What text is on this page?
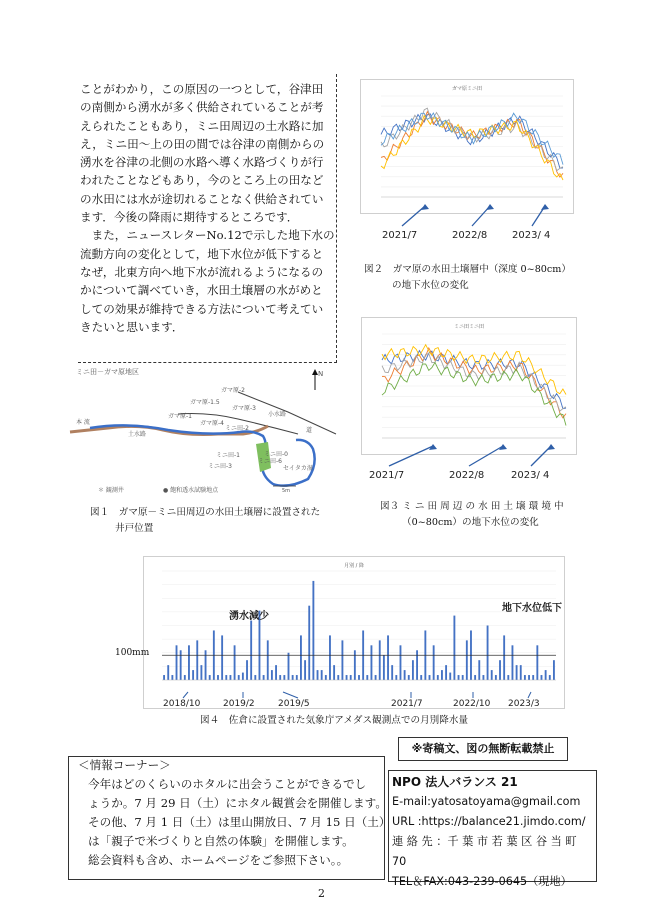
ことがわかり，この原因の一つとして，谷津田
の南側から湧水が多く供給されていることが考
えられたこともあり，ミニ田周辺の土水路に加
え，ミニ田〜上の田の間では谷津の南側からの
湧水を谷津の北側の水路へ導く水路づくりが行
われたことなどもあり，今のところ上の田など
の水田には水が途切れることなく供給されてい
ます．今後の降雨に期待するところです．
　また，ニュースレターNo.12で示した地下水の
流動方向の変化として，地下水位が低下すると
なぜ，北東方向へ地下水が流れるようになるの
かについて調べていき，水田土壌層の水がめと
しての効果が維持できる方法について考えてい
きたいと思います．
ミニ田－ガマ原地区	N
ガマ原-2
ガマ原-1.5
ガマ原-3
ガマ原-1
ガマ原-4
ミニ田-2
小水路
道
ミニ田-1	ミニ田-0
ミニ田-6
セイタカ湿
ミニ田-3
土水路
本 流
5m
＊ 観測井	● 飽和透水試験地点
図１　ガマ原－ミニ田周辺の水田土壌層に設置された
井戸位置
ガマ原ミニ田
2021/7	2022/8 2023/ 4
図２　ガマ原の水田土壌層中（深度 0~80cm）
の地下水位の変化
ミニ田ミニ田
2021/7	2022/8	2023/ 4
図３ ミ ニ 田 周 辺 の 水 田 土 壌 環 境 中
（0~80cm）の地下水位の変化
月別 / 降
湧水減少
地下水位低下
100mm
2018/10	2019/2	2019/5	2021/7	2022/10 2023/3
図４　佐倉に設置された気象庁アメダス観測点での月別降水量
※寄稿文、図の無断転載禁止
＜情報コーナー＞
今年はどのくらいのホタルに出会うことができるでし
ょうか。7 月 29 日（土）にホタル観賞会を開催します。
その他、7 月 1 日（土）は里山開放日、7 月 15 日（土）
は「親子で米づくりと自然の体験」を開催します。
総会資料も含め、ホームページをご参照下さい。。
NPO 法人バランス 21
E-mail:yatosatoyama@gmail.com
URL :https://balance21.jimdo.com/
連 絡 先 ：千 葉 市 若 葉 区 谷 当 町　70
TEL＆FAX:043-239-0645（現地）
2
